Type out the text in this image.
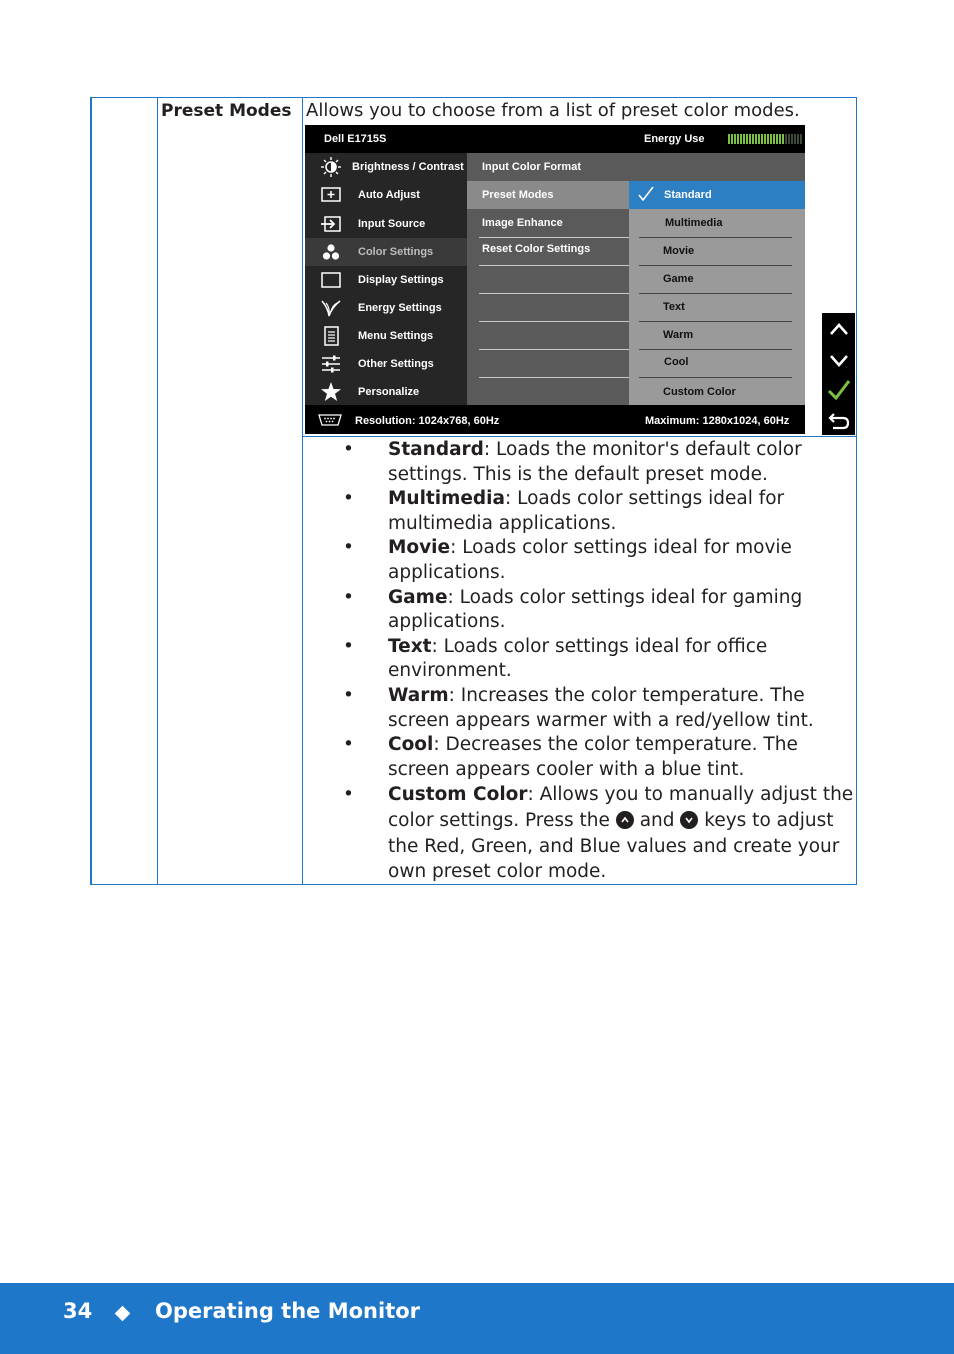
Preset Modes Allows you to choose from a list of preset color modes.
Dell E1715S	Energy Use
Brightness / Contrast
Auto Adjust
Input Source
Color Settings
Display Settings
Energy Settings
Menu Settings
Other Settings
Personalize
Input Color Format
Preset Modes
Image Enhance
Reset Color Settings
Standard
Multimedia
Movie
Game
Text
Warm
Cool
Custom Color
Resolution: 1024x768, 60Hz	Maximum: 1280x1024, 60Hz
• Standard: Loads the monitor's default color settings. This is the default preset mode.
• Multimedia: Loads color settings ideal for multimedia applications.
• Movie: Loads color settings ideal for movie applications.
• Game: Loads color settings ideal for gaming applications.
• Text: Loads color settings ideal for office environment.
• Warm: Increases the color temperature. The screen appears warmer with a red/yellow tint.
• Cool: Decreases the color temperature. The screen appears cooler with a blue tint.
• Custom Color: Allows you to manually adjust the color settings. Press the and keys to adjust the Red, Green, and Blue values and create your own preset color mode.
34	Operating the Monitor
